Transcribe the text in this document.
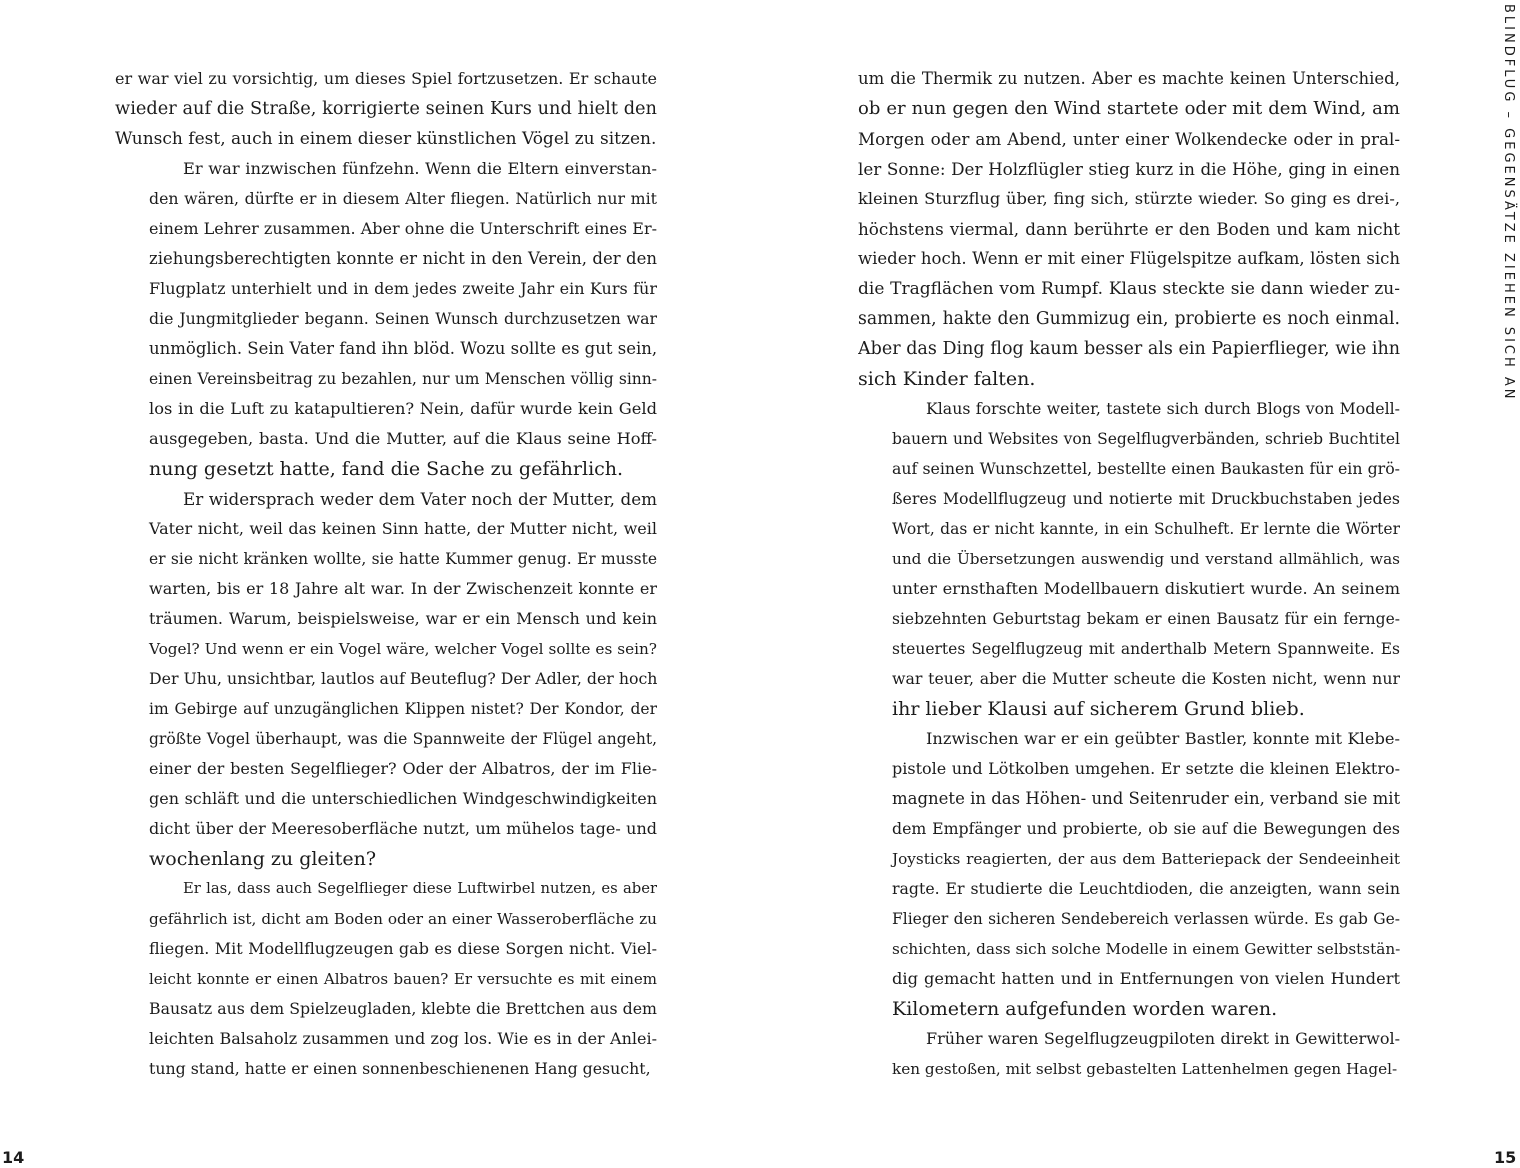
er war viel zu vorsichtig, um dieses Spiel fortzusetzen. Er schaute
wieder auf die Straße, korrigierte seinen Kurs und hielt den
Wunsch fest, auch in einem dieser künstlichen Vögel zu sitzen.
Er war inzwischen fünfzehn. Wenn die Eltern einverstan-
den wären, dürfte er in diesem Alter fliegen. Natürlich nur mit
einem Lehrer zusammen. Aber ohne die Unterschrift eines Er-
ziehungsberechtigten konnte er nicht in den Verein, der den
Flugplatz unterhielt und in dem jedes zweite Jahr ein Kurs für
die Jungmitglieder begann. Seinen Wunsch durchzusetzen war
unmöglich. Sein Vater fand ihn blöd. Wozu sollte es gut sein,
einen Vereinsbeitrag zu bezahlen, nur um Menschen völlig sinn-
los in die Luft zu katapultieren? Nein, dafür wurde kein Geld
ausgegeben, basta. Und die Mutter, auf die Klaus seine Hoff-
nung gesetzt hatte, fand die Sache zu gefährlich.
Er widersprach weder dem Vater noch der Mutter, dem
Vater nicht, weil das keinen Sinn hatte, der Mutter nicht, weil
er sie nicht kränken wollte, sie hatte Kummer genug. Er musste
warten, bis er 18 Jahre alt war. In der Zwischenzeit konnte er
träumen. Warum, beispielsweise, war er ein Mensch und kein
Vogel? Und wenn er ein Vogel wäre, welcher Vogel sollte es sein?
Der Uhu, unsichtbar, lautlos auf Beuteflug? Der Adler, der hoch
im Gebirge auf unzugänglichen Klippen nistet? Der Kondor, der
größte Vogel überhaupt, was die Spannweite der Flügel angeht,
einer der besten Segelflieger? Oder der Albatros, der im Flie-
gen schläft und die unterschiedlichen Windgeschwindigkeiten
dicht über der Meeresoberfläche nutzt, um mühelos tage- und
wochenlang zu gleiten?
Er las, dass auch Segelflieger diese Luftwirbel nutzen, es aber
gefährlich ist, dicht am Boden oder an einer Wasseroberfläche zu
fliegen. Mit Modellflugzeugen gab es diese Sorgen nicht. Viel-
leicht konnte er einen Albatros bauen? Er versuchte es mit einem
Bausatz aus dem Spielzeugladen, klebte die Brettchen aus dem
leichten Balsaholz zusammen und zog los. Wie es in der Anlei-
tung stand, hatte er einen sonnenbeschienenen Hang gesucht,
um die Thermik zu nutzen. Aber es machte keinen Unterschied,
ob er nun gegen den Wind startete oder mit dem Wind, am
Morgen oder am Abend, unter einer Wolkendecke oder in pral-
ler Sonne: Der Holzflügler stieg kurz in die Höhe, ging in einen
kleinen Sturzflug über, fing sich, stürzte wieder. So ging es drei-,
höchstens viermal, dann berührte er den Boden und kam nicht
wieder hoch. Wenn er mit einer Flügelspitze aufkam, lösten sich
die Tragflächen vom Rumpf. Klaus steckte sie dann wieder zu-
sammen, hakte den Gummizug ein, probierte es noch einmal.
Aber das Ding flog kaum besser als ein Papierflieger, wie ihn
sich Kinder falten.
Klaus forschte weiter, tastete sich durch Blogs von Modell-
bauern und Websites von Segelflugverbänden, schrieb Buchtitel
auf seinen Wunschzettel, bestellte einen Baukasten für ein grö-
ßeres Modellflugzeug und notierte mit Druckbuchstaben jedes
Wort, das er nicht kannte, in ein Schulheft. Er lernte die Wörter
und die Übersetzungen auswendig und verstand allmählich, was
unter ernsthaften Modellbauern diskutiert wurde. An seinem
siebzehnten Geburtstag bekam er einen Bausatz für ein fernge-
steuertes Segelflugzeug mit anderthalb Metern Spannweite. Es
war teuer, aber die Mutter scheute die Kosten nicht, wenn nur
ihr lieber Klausi auf sicherem Grund blieb.
Inzwischen war er ein geübter Bastler, konnte mit Klebe-
pistole und Lötkolben umgehen. Er setzte die kleinen Elektro-
magnete in das Höhen- und Seitenruder ein, verband sie mit
dem Empfänger und probierte, ob sie auf die Bewegungen des
Joysticks reagierten, der aus dem Batteriepack der Sendeeinheit
ragte. Er studierte die Leuchtdioden, die anzeigten, wann sein
Flieger den sicheren Sendebereich verlassen würde. Es gab Ge-
schichten, dass sich solche Modelle in einem Gewitter selbststän-
dig gemacht hatten und in Entfernungen von vielen Hundert
Kilometern aufgefunden worden waren.
Früher waren Segelflugzeugpiloten direkt in Gewitterwol-
ken gestoßen, mit selbst gebastelten Lattenhelmen gegen Hagel-
14	15
BLINDFLUG – GEGENSÄTZE ZIEHEN SICH AN
